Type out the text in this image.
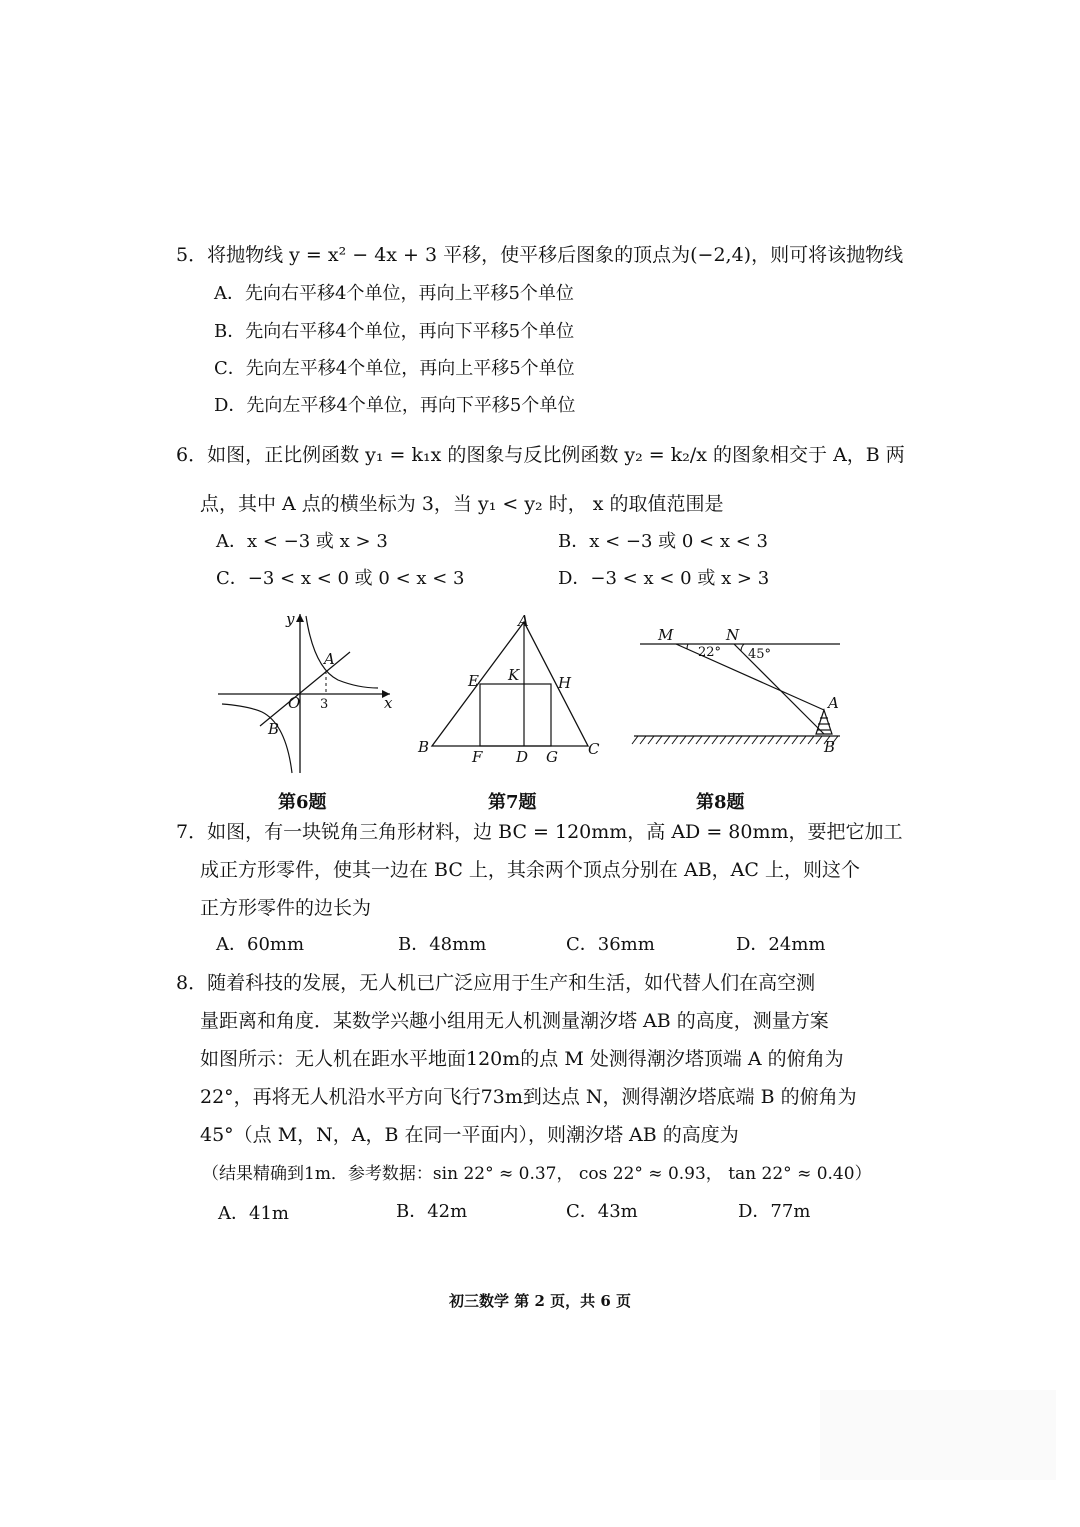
5．将抛物线 y = x² − 4x + 3 平移，使平移后图象的顶点为(−2,4)，则可将该抛物线
A．先向右平移4个单位，再向上平移5个单位
B．先向右平移4个单位，再向下平移5个单位
C．先向左平移4个单位，再向上平移5个单位
D．先向左平移4个单位，再向下平移5个单位
6．如图，正比例函数 y₁ = k₁x 的图象与反比例函数 y₂ = k₂/x 的图象相交于 A，B 两
点，其中 A 点的横坐标为 3，当 y₁ < y₂ 时， x 的取值范围是
A．x < −3 或 x > 3	B．x < −3 或 0 < x < 3
C．−3 < x < 0 或 0 < x < 3	D．−3 < x < 0 或 x > 3
y
x
O 3
A
B
A
E K	H
B
F D G C
M	N
22° 45°
A
B
第6题	第7题	第8题
7．如图，有一块锐角三角形材料，边 BC = 120mm，高 AD = 80mm，要把它加工
成正方形零件，使其一边在 BC 上，其余两个顶点分别在 AB，AC 上，则这个
正方形零件的边长为
A．60mm	B．48mm	C．36mm	D．24mm
8．随着科技的发展，无人机已广泛应用于生产和生活，如代替人们在高空测
量距离和角度．某数学兴趣小组用无人机测量潮汐塔 AB 的高度，测量方案
如图所示：无人机在距水平地面120m的点 M 处测得潮汐塔顶端 A 的俯角为
22°，再将无人机沿水平方向飞行73m到达点 N，测得潮汐塔底端 B 的俯角为
45°（点 M，N，A，B 在同一平面内），则潮汐塔 AB 的高度为
（结果精确到1m．参考数据：sin 22° ≈ 0.37， cos 22° ≈ 0.93， tan 22° ≈ 0.40）
A．41m	B．42m	C．43m	D．77m
初三数学 第 2 页，共 6 页
